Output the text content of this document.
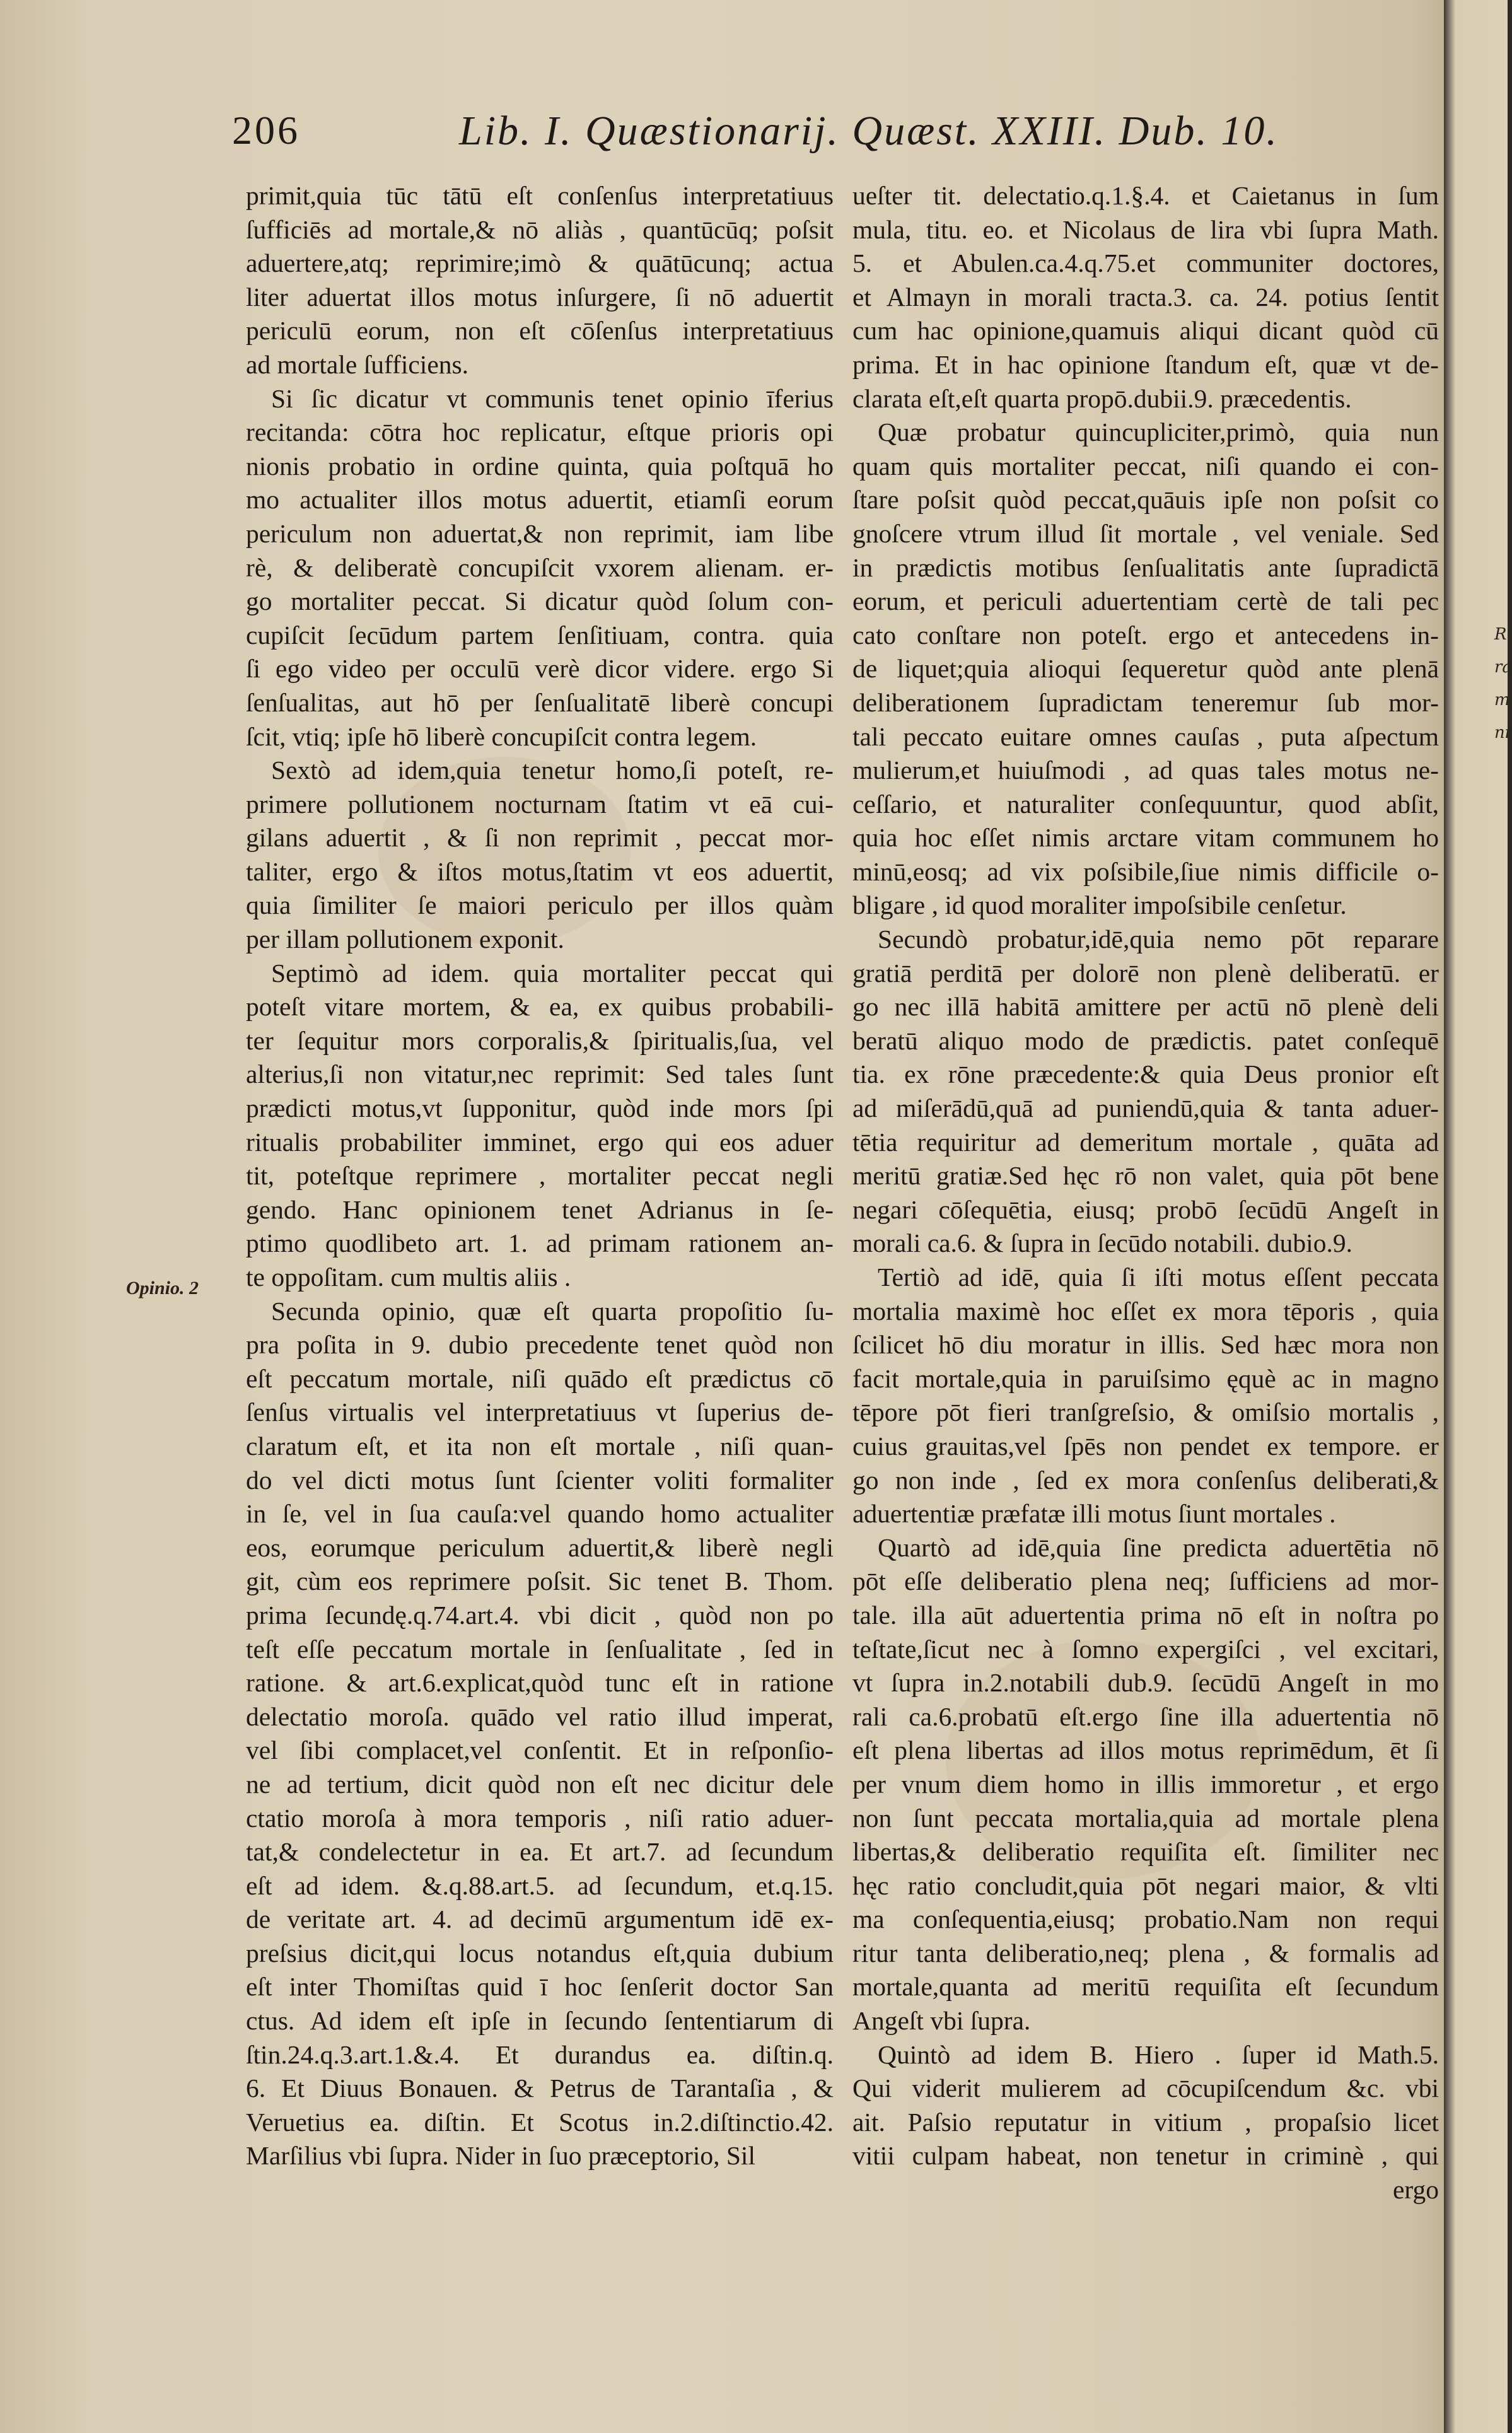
206	Lib. I. Quæstionarij. Quæst. XXIII. Dub. 10.
Opinio. 2
primit,quia tūc tātū eſt conſenſus interpretatiuus
ſufficiēs ad mortale,& nō aliàs , quantūcūq; poſsit
aduertere,atq; reprimire;imò & quātūcunq; actua
liter aduertat illos motus inſurgere, ſi nō aduertit
periculū eorum, non eſt cōſenſus interpretatiuus
ad mortale ſufficiens.
Si ſic dicatur vt communis tenet opinio īferius
recitanda: cōtra hoc replicatur, eſtque prioris opi
nionis probatio in ordine quinta, quia poſtquā ho
mo actualiter illos motus aduertit, etiamſi eorum
periculum non aduertat,& non reprimit, iam libe
rè, & deliberatè concupiſcit vxorem alienam. er-
go mortaliter peccat. Si dicatur quòd ſolum con-
cupiſcit ſecūdum partem ſenſitiuam, contra. quia
ſi ego video per occulū verè dicor videre. ergo Si
ſenſualitas, aut hō per ſenſualitatē liberè concupi
ſcit, vtiq; ipſe hō liberè concupiſcit contra legem.
Sextò ad idem,quia tenetur homo,ſi poteſt, re-
primere pollutionem nocturnam ſtatim vt eā cui-
gilans aduertit , & ſi non reprimit , peccat mor-
taliter, ergo & iſtos motus,ſtatim vt eos aduertit,
quia ſimiliter ſe maiori periculo per illos quàm
per illam pollutionem exponit.
Septimò ad idem. quia mortaliter peccat qui
poteſt vitare mortem, & ea, ex quibus probabili-
ter ſequitur mors corporalis,& ſpiritualis,ſua, vel
alterius,ſi non vitatur,nec reprimit: Sed tales ſunt
prædicti motus,vt ſupponitur, quòd inde mors ſpi
ritualis probabiliter imminet, ergo qui eos aduer
tit, poteſtque reprimere , mortaliter peccat negli
gendo. Hanc opinionem tenet Adrianus in ſe-
ptimo quodlibeto art. 1. ad primam rationem an-
te oppoſitam. cum multis aliis .
Secunda opinio, quæ eſt quarta propoſitio ſu-
pra poſita in 9. dubio precedente tenet quòd non
eſt peccatum mortale, niſi quādo eſt prædictus cō
ſenſus virtualis vel interpretatiuus vt ſuperius de-
claratum eſt, et ita non eſt mortale , niſi quan-
do vel dicti motus ſunt ſcienter voliti formaliter
in ſe, vel in ſua cauſa:vel quando homo actualiter
eos, eorumque periculum aduertit,& liberè negli
git, cùm eos reprimere poſsit. Sic tenet B. Thom.
prima ſecundę.q.74.art.4. vbi dicit , quòd non po
teſt eſſe peccatum mortale in ſenſualitate , ſed in
ratione. & art.6.explicat,quòd tunc eſt in ratione
delectatio moroſa. quādo vel ratio illud imperat,
vel ſibi complacet,vel conſentit. Et in reſponſio-
ne ad tertium, dicit quòd non eſt nec dicitur dele
ctatio moroſa à mora temporis , niſi ratio aduer-
tat,& condelectetur in ea. Et art.7. ad ſecundum
eſt ad idem. &.q.88.art.5. ad ſecundum, et.q.15.
de veritate art. 4. ad decimū argumentum idē ex-
preſsius dicit,qui locus notandus eſt,quia dubium
eſt inter Thomiſtas quid ī hoc ſenſerit doctor San
ctus. Ad idem eſt ipſe in ſecundo ſententiarum di
ſtin.24.q.3.art.1.&.4. Et durandus ea. diſtin.q.
6. Et Diuus Bonauen. & Petrus de Tarantaſia , &
Veruetius ea. diſtin. Et Scotus in.2.diſtinctio.42.
Marſilius vbi ſupra. Nider in ſuo præceptorio, Sil
ueſter tit. delectatio.q.1.§.4. et Caietanus in ſum
mula, titu. eo. et Nicolaus de lira vbi ſupra Math.
5. et Abulen.ca.4.q.75.et communiter doctores,
et Almayn in morali tracta.3. ca. 24. potius ſentit
cum hac opinione,quamuis aliqui dicant quòd cū
prima. Et in hac opinione ſtandum eſt, quæ vt de-
clarata eſt,eſt quarta propō.dubii.9. præcedentis.
Quæ probatur quincupliciter,primò, quia nun
quam quis mortaliter peccat, niſi quando ei con-
ſtare poſsit quòd peccat,quāuis ipſe non poſsit co
gnoſcere vtrum illud ſit mortale , vel veniale. Sed
in prædictis motibus ſenſualitatis ante ſupradictā
eorum, et periculi aduertentiam certè de tali pec
cato conſtare non poteſt. ergo et antecedens in-
de liquet;quia alioqui ſequeretur quòd ante plenā
deliberationem ſupradictam teneremur ſub mor-
tali peccato euitare omnes cauſas , puta aſpectum
mulierum,et huiuſmodi , ad quas tales motus ne-
ceſſario, et naturaliter conſequuntur, quod abſit,
quia hoc eſſet nimis arctare vitam communem ho
minū,eosq; ad vix poſsibile,ſiue nimis difficile o-
bligare , id quod moraliter impoſsibile cenſetur.
Secundò probatur,idē,quia nemo pōt reparare
gratiā perditā per dolorē non plenè deliberatū. er
go nec illā habitā amittere per actū nō plenè deli
beratū aliquo modo de prædictis. patet conſequē
tia. ex rōne præcedente:& quia Deus pronior eſt
ad miſerādū,quā ad puniendū,quia & tanta aduer-
tētia requiritur ad demeritum mortale , quāta ad
meritū gratiæ.Sed hęc rō non valet, quia pōt bene
negari cōſequētia, eiusq; probō ſecūdū Angeſt in
morali ca.6. & ſupra in ſecūdo notabili. dubio.9.
Tertiò ad idē, quia ſi iſti motus eſſent peccata
mortalia maximè hoc eſſet ex mora tēporis , quia
ſcilicet hō diu moratur in illis. Sed hæc mora non
facit mortale,quia in paruiſsimo ęquè ac in magno
tēpore pōt fieri tranſgreſsio, & omiſsio mortalis ,
cuius grauitas,vel ſpēs non pendet ex tempore. er
go non inde , ſed ex mora conſenſus deliberati,&
aduertentiæ præfatæ illi motus ſiunt mortales .
Quartò ad idē,quia ſine predicta aduertētia nō
pōt eſſe deliberatio plena neq; ſufficiens ad mor-
tale. illa aūt aduertentia prima nō eſt in noſtra po
teſtate,ſicut nec à ſomno expergiſci , vel excitari,
vt ſupra in.2.notabili dub.9. ſecūdū Angeſt in mo
rali ca.6.probatū eſt.ergo ſine illa aduertentia nō
eſt plena libertas ad illos motus reprimēdum, ēt ſi
per vnum diem homo in illis immoretur , et ergo
non ſunt peccata mortalia,quia ad mortale plena
libertas,& deliberatio requiſita eſt. ſimiliter nec
hęc ratio concludit,quia pōt negari maior, & vlti
ma conſequentia,eiusq; probatio.Nam non requi
ritur tanta deliberatio,neq; plena , & formalis ad
mortale,quanta ad meritū requiſita eſt ſecundum
Angeſt vbi ſupra.
Quintò ad idem B. Hiero . ſuper id Math.5.
Qui viderit mulierem ad cōcupiſcendum &c. vbi
ait. Paſsio reputatur in vitium , propaſsio licet
vitii culpam habeat, non tenetur in criminè , qui
ergo
R
ra
m
ni
